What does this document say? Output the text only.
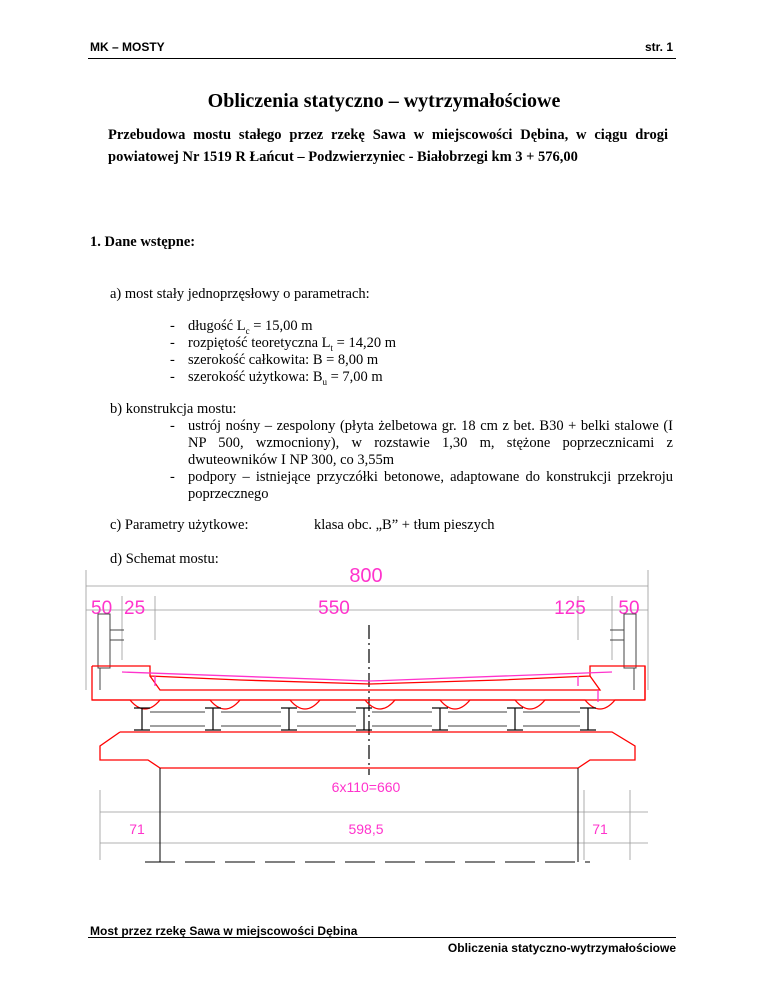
MK – MOSTY	str. 1
Obliczenia statyczno – wytrzymałościowe
Przebudowa mostu stałego przez rzekę Sawa w miejscowości Dębina, w ciągu drogi powiatowej Nr 1519 R Łańcut – Podzwierzyniec - Białobrzegi km 3 + 576,00
1. Dane wstępne:
a) most stały jednoprzęsłowy o parametrach:
- długość $L_c = 15,00$ m
- rozpiętość teoretyczna $L_t = 14,20$ m
- szerokość całkowita: B = 8,00 m
- szerokość użytkowa: $B_u = 7,00$ m
b) konstrukcja mostu:
- ustrój nośny – zespolony (płyta żelbetowa gr. 18 cm z bet. B30 + belki stalowe (I NP 500, wzmocniony), w rozstawie 1,30 m, stężone poprzecznicami z dwuteowników I NP 300, co 3,55m
- podpory – istniejące przyczółki betonowe, adaptowane do konstrukcji przekroju poprzecznego
c) Parametry użytkowe:	klasa obc. „B” + tłum pieszych
d) Schemat mostu:
800
50 25	550	125 50
6x110=660
71	598,5	71
Most przez rzekę Sawa w miejscowości Dębina
Obliczenia statyczno-wytrzymałościowe
